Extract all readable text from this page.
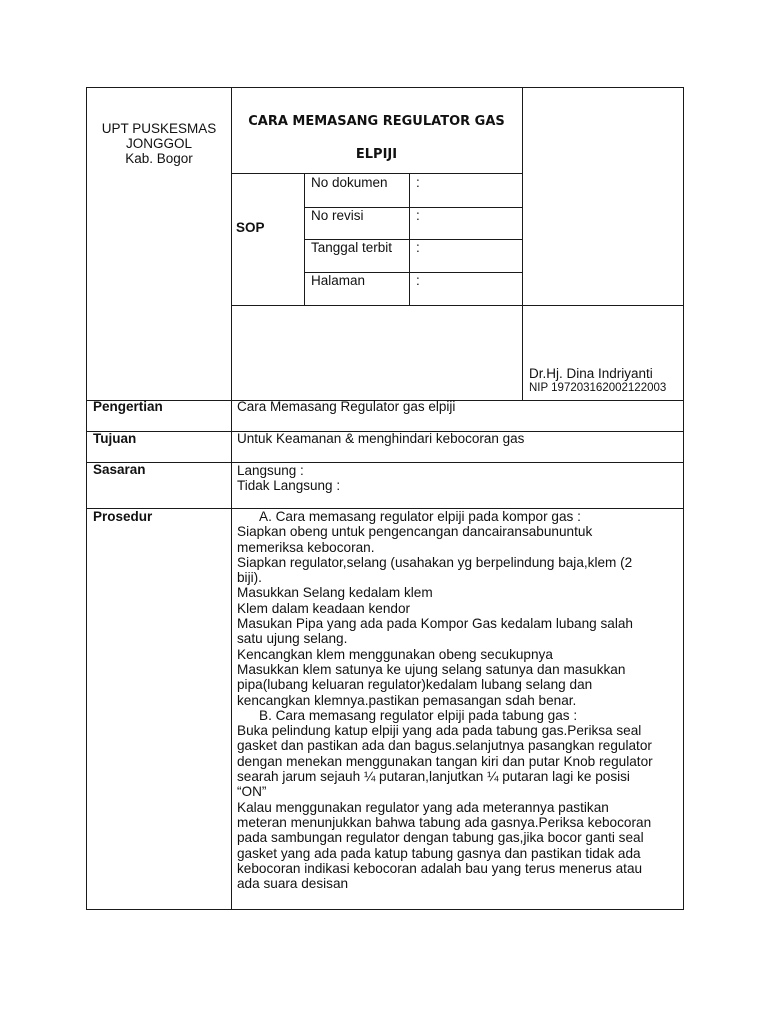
UPT PUSKESMAS
JONGGOL
Kab. Bogor
CARA MEMASANG REGULATOR GAS
ELPIJI
SOP
No dokumen :
No revisi	:
Tanggal terbit :
Halaman	:
Dr.Hj. Dina Indriyanti
NIP 197203162002122003
Pengertian	Cara Memasang Regulator gas elpiji
Tujuan	Untuk Keamanan & menghindari kebocoran gas
Sasaran	Langsung :
Tidak Langsung :
Prosedur	A. Cara memasang regulator elpiji pada kompor gas :
Siapkan obeng untuk pengencangan dancairansabununtuk
memeriksa kebocoran.
Siapkan regulator,selang (usahakan yg berpelindung baja,klem (2
biji).
Masukkan Selang kedalam klem
Klem dalam keadaan kendor
Masukan Pipa yang ada pada Kompor Gas kedalam lubang salah
satu ujung selang.
Kencangkan klem menggunakan obeng secukupnya
Masukkan klem satunya ke ujung selang satunya dan masukkan
pipa(lubang keluaran regulator)kedalam lubang selang dan
kencangkan klemnya.pastikan pemasangan sdah benar.
B. Cara memasang regulator elpiji pada tabung gas :
Buka pelindung katup elpiji yang ada pada tabung gas.Periksa seal
gasket dan pastikan ada dan bagus.selanjutnya pasangkan regulator
dengan menekan menggunakan tangan kiri dan putar Knob regulator
searah jarum sejauh ¼ putaran,lanjutkan ¼ putaran lagi ke posisi
“ON”
Kalau menggunakan regulator yang ada meterannya pastikan
meteran menunjukkan bahwa tabung ada gasnya.Periksa kebocoran
pada sambungan regulator dengan tabung gas,jika bocor ganti seal
gasket yang ada pada katup tabung gasnya dan pastikan tidak ada
kebocoran indikasi kebocoran adalah bau yang terus menerus atau
ada suara desisan
